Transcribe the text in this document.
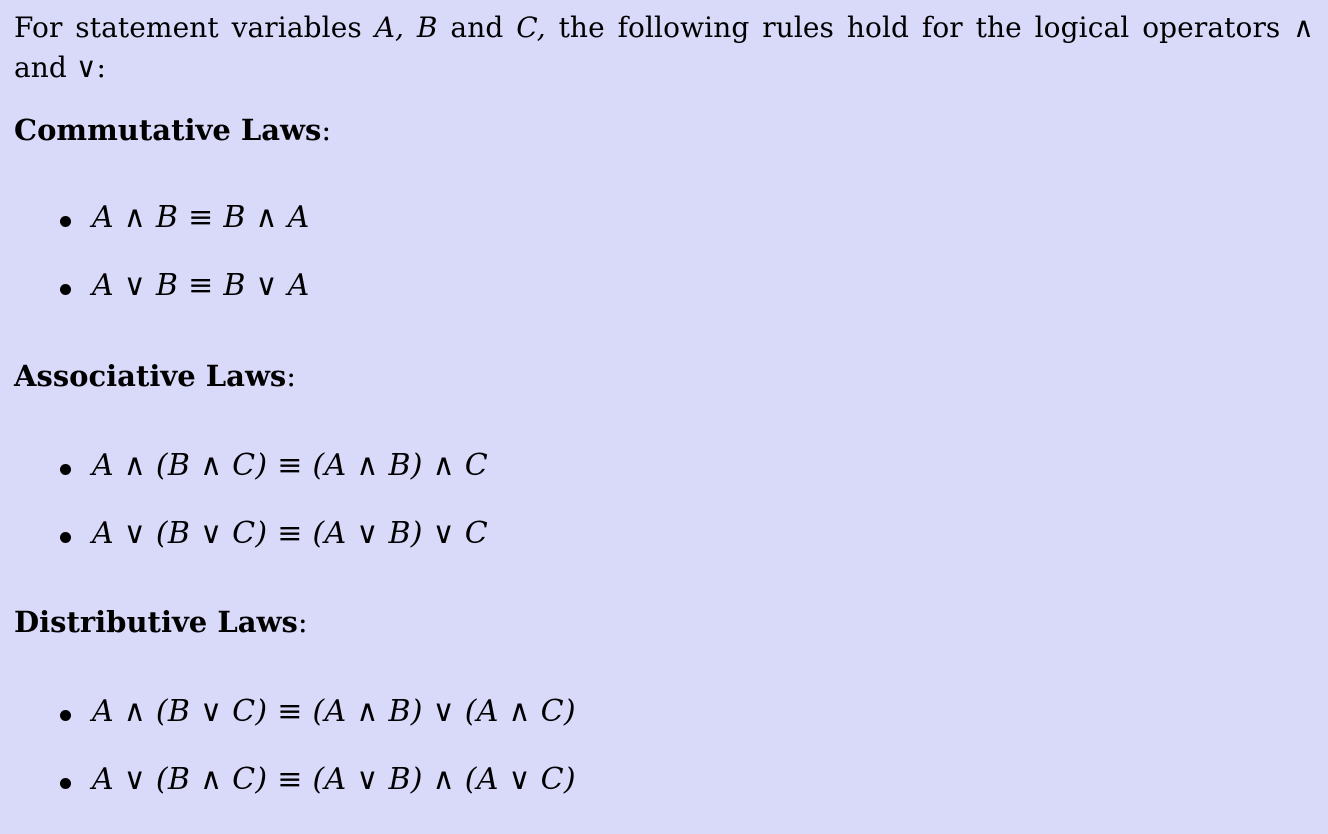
For statement variables A, B and C, the following rules hold for the logical operators ∧
and ∨:
Commutative Laws:
A ∧ B ≡ B ∧ A
A ∨ B ≡ B ∨ A
Associative Laws:
A ∧ (B ∧ C) ≡ (A ∧ B) ∧ C
A ∨ (B ∨ C) ≡ (A ∨ B) ∨ C
Distributive Laws:
A ∧ (B ∨ C) ≡ (A ∧ B) ∨ (A ∧ C)
A ∨ (B ∧ C) ≡ (A ∨ B) ∧ (A ∨ C)
